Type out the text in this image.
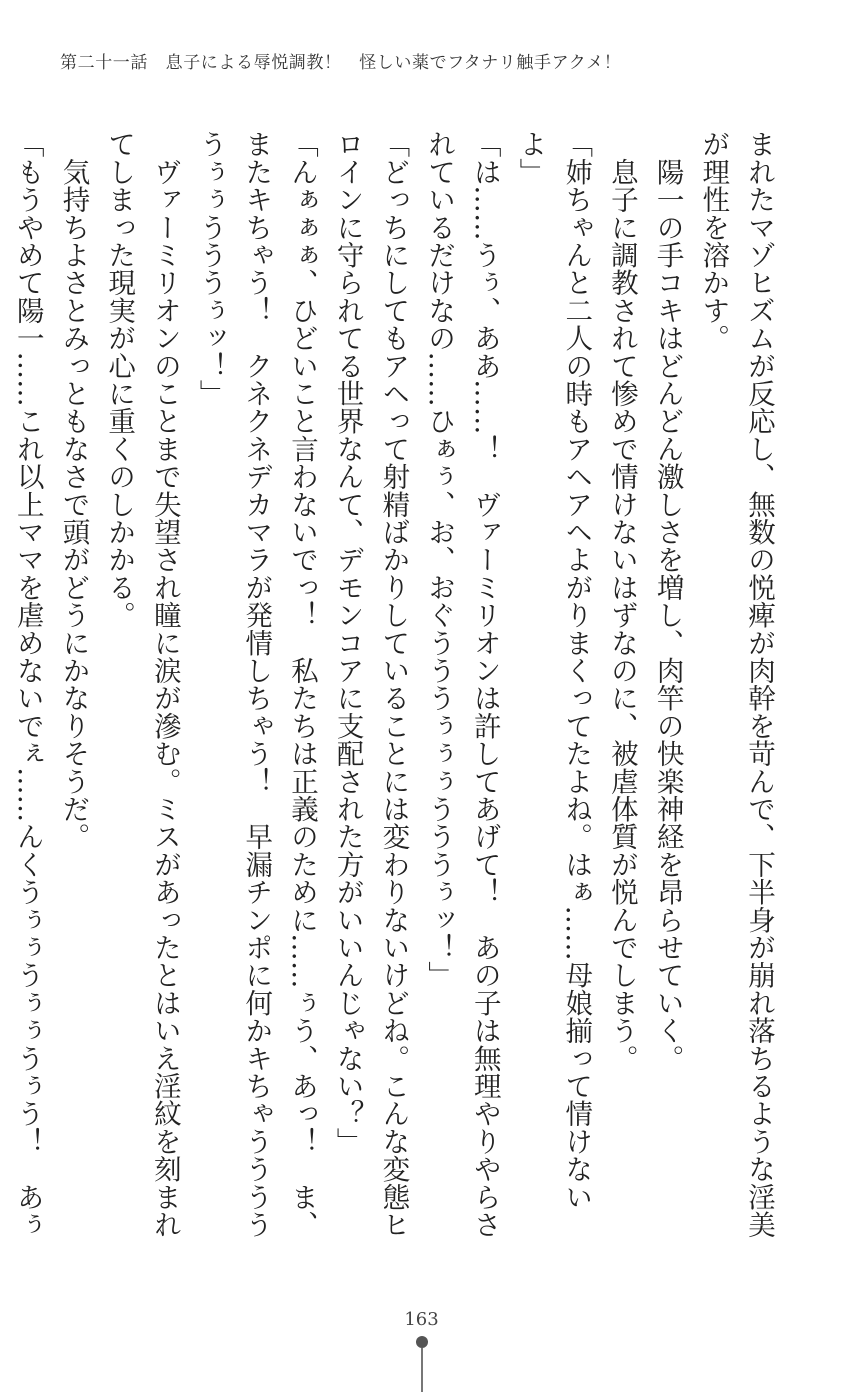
第二十一話　息子による辱悦調教！　怪しい薬でフタナリ触手アクメ！

まれたマゾヒズムが反応し、無数の悦痺が肉幹を苛んで、下半身が崩れ落ちるような淫美が理性を溶かす。

　陽一の手コキはどんどん激しさを増し、肉竿の快楽神経を昂らせていく。

　息子に調教されて惨めで情けないはずなのに、被虐体質が悦んでしまう。

「姉ちゃんと二人の時もアヘアヘよがりまくってたよね。はぁ……母娘揃って情けないよ」

「は……うぅ、ああ……！　ヴァーミリオンは許してあげて！　あの子は無理やりやらされているだけなの……ひぁぅ、お、おぐうううぅぅぅうううぅッ！」

「どっちにしてもアヘって射精ばかりしていることには変わりないけどね。こんな変態ヒロインに守られてる世界なんて、デモンコアに支配された方がいいんじゃない？」

「んぁぁぁ、ひどいこと言わないでっ！　私たちは正義のために……ぅう、あっ！　ま、またキちゃう！　クネクネデカマラが発情しちゃう！　早漏チンポに何かキちゃうううううぅぅうううぅッ！」

　ヴァーミリオンのことまで失望され瞳に涙が滲む。ミスがあったとはいえ淫紋を刻まれてしまった現実が心に重くのしかかる。

　気持ちよさとみっともなさで頭がどうにかなりそうだ。

「もうやめて陽一……これ以上ママを虐めないでぇ……んくうぅぅうぅぅうぅう！　あぅ

163
